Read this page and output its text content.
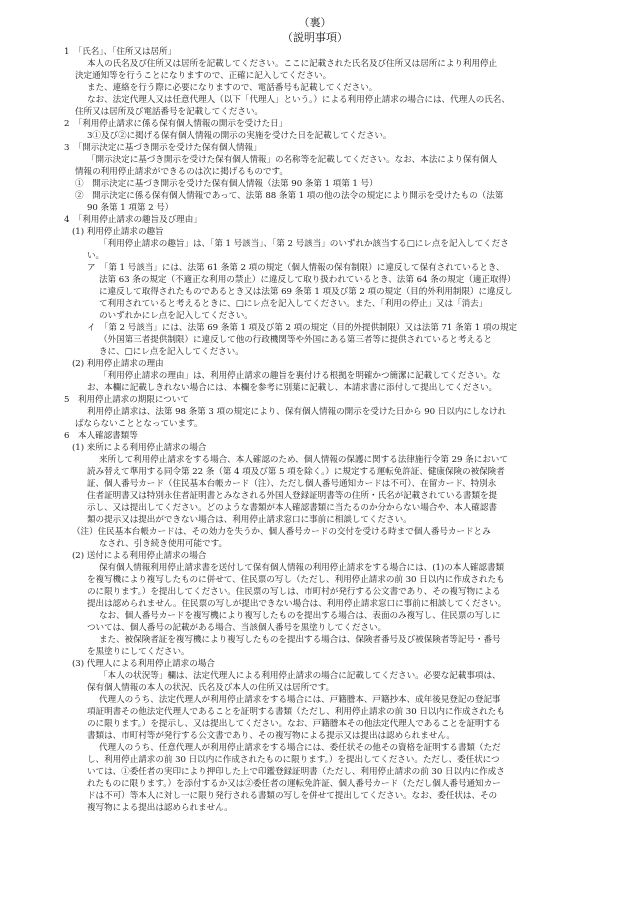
（裏）
（説明事項）
1　「氏名」、「住所又は居所」
本人の氏名及び住所又は居所を記載してください。ここに記載された氏名及び住所又は居所により利用停止
決定通知等を行うことになりますので、正確に記入してください。
また、連絡を行う際に必要になりますので、電話番号も記載してください。
なお、法定代理人又は任意代理人（以下「代理人」という。）による利用停止請求の場合には、代理人の氏名、
住所又は居所及び電話番号を記載してください。
2　「利用停止請求に係る保有個人情報の開示を受けた日」
3①及び②に掲げる保有個人情報の開示の実施を受けた日を記載してください。
3　「開示決定に基づき開示を受けた保有個人情報」
「開示決定に基づき開示を受けた保有個人情報」の名称等を記載してください。なお、本法により保有個人
情報の利用停止請求ができるのは次に掲げるものです。
①　開示決定に基づき開示を受けた保有個人情報（法第 90 条第 1 項第 1 号）
②　開示決定に係る保有個人情報であって、法第 88 条第 1 項の他の法令の規定により開示を受けたもの（法第
90 条第 1 項第 2 号）
4　「利用停止請求の趣旨及び理由」
(1) 利用停止請求の趣旨
「利用停止請求の趣旨」は、「第 1 号該当」、「第 2 号該当」のいずれか該当する□にレ点を記入してくださ
い。
ア　「第 1 号該当」には、法第 61 条第 2 項の規定（個人情報の保有制限）に違反して保有されているとき、
法第 63 条の規定（不適正な利用の禁止）に違反して取り扱われているとき、法第 64 条の規定（適正取得）
に違反して取得されたものであるとき又は法第 69 条第 1 項及び第 2 項の規定（目的外利用制限）に違反し
て利用されていると考えるときに、□にレ点を記入してください。また、「利用の停止」又は「消去」
のいずれかにレ点を記入してください。
イ　「第 2 号該当」には、法第 69 条第 1 項及び第 2 項の規定（目的外提供制限）又は法第 71 条第 1 項の規定
（外国第三者提供制限）に違反して他の行政機関等や外国にある第三者等に提供されていると考えると
きに、□にレ点を記入してください。
(2) 利用停止請求の理由
「利用停止請求の理由」は、利用停止請求の趣旨を裏付ける根拠を明確かつ簡潔に記載してください。な
お、本欄に記載しきれない場合には、本欄を参考に別葉に記載し、本請求書に添付して提出してください。
5　利用停止請求の期限について
利用停止請求は、法第 98 条第 3 項の規定により、保有個人情報の開示を受けた日から 90 日以内にしなけれ
ばならないこととなっています。
6　本人確認書類等
(1) 来所による利用停止請求の場合
来所して利用停止請求をする場合、本人確認のため、個人情報の保護に関する法律施行令第 29 条において
読み替えて準用する同令第 22 条（第 4 項及び第 5 項を除く。）に規定する運転免許証、健康保険の被保険者
証、個人番号カード（住民基本台帳カード（注）、ただし個人番号通知カードは不可）、在留カード、特別永
住者証明書又は特別永住者証明書とみなされる外国人登録証明書等の住所・氏名が記載されている書類を提
示し、又は提出してください。どのような書類が本人確認書類に当たるのか分からない場合や、本人確認書
類の提示又は提出ができない場合は、利用停止請求窓口に事前に相談してください。
（注）住民基本台帳カードは、その効力を失うか、個人番号カードの交付を受ける時まで個人番号カードとみ
なされ、引き続き使用可能です。
(2) 送付による利用停止請求の場合
保有個人情報利用停止請求書を送付して保有個人情報の利用停止請求をする場合には、(1)の本人確認書類
を複写機により複写したものに併せて、住民票の写し（ただし、利用停止請求の前 30 日以内に作成されたも
のに限ります。）を提出してください。住民票の写しは、市町村が発行する公文書であり、その複写物による
提出は認められません。住民票の写しが提出できない場合は、利用停止請求窓口に事前に相談してください。
なお、個人番号カードを複写機により複写したものを提出する場合は、表面のみ複写し、住民票の写しに
ついては、個人番号の記載がある場合、当該個人番号を黒塗りしてください。
また、被保険者証を複写機により複写したものを提出する場合は、保険者番号及び被保険者等記号・番号
を黒塗りにしてください。
(3) 代理人による利用停止請求の場合
「本人の状況等」欄は、法定代理人による利用停止請求の場合に記載してください。必要な記載事項は、
保有個人情報の本人の状況、氏名及び本人の住所又は居所です。
代理人のうち、法定代理人が利用停止請求をする場合には、戸籍謄本、戸籍抄本、成年後見登記の登記事
項証明書その他法定代理人であることを証明する書類（ただし、利用停止請求の前 30 日以内に作成されたも
のに限ります。）を提示し、又は提出してください。なお、戸籍謄本その他法定代理人であることを証明する
書類は、市町村等が発行する公文書であり、その複写物による提示又は提出は認められません。
代理人のうち、任意代理人が利用停止請求をする場合には、委任状その他その資格を証明する書類（ただ
し、利用停止請求の前 30 日以内に作成されたものに限ります。）を提出してください。ただし、委任状につ
いては、①委任者の実印により押印した上で印鑑登録証明書（ただし、利用停止請求の前 30 日以内に作成さ
れたものに限ります。）を添付するか又は②委任者の運転免許証、個人番号カード（ただし個人番号通知カー
ドは不可）等本人に対し一に限り発行される書類の写しを併せて提出してください。なお、委任状は、その
複写物による提出は認められません。
